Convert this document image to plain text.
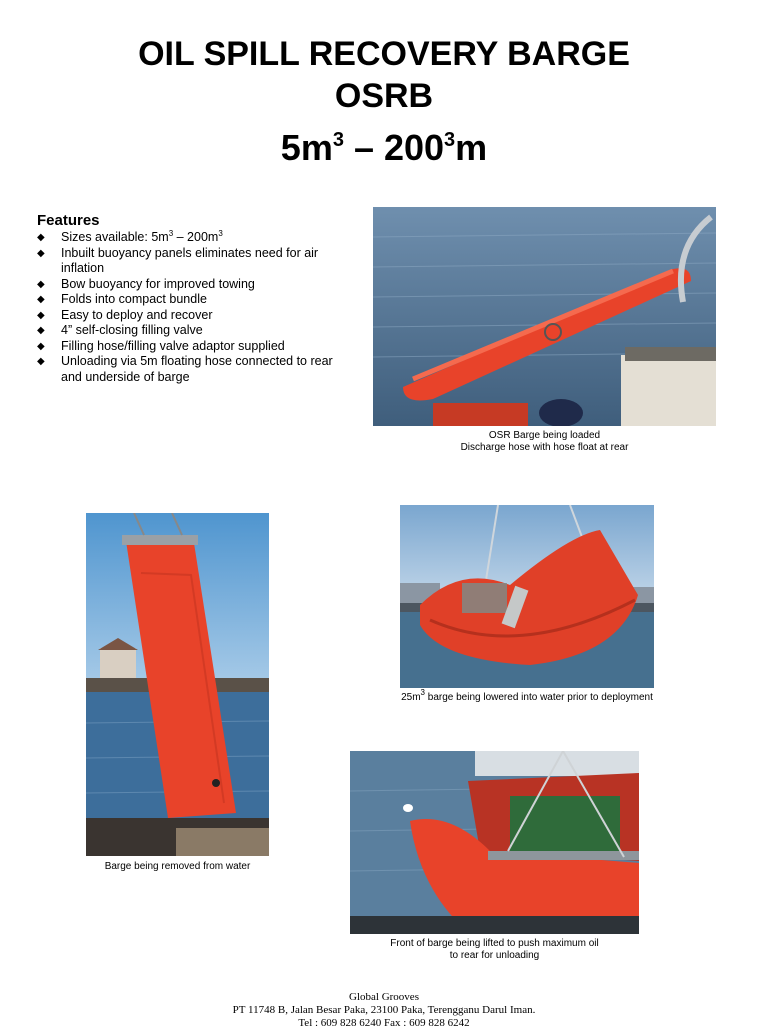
OIL SPILL RECOVERY BARGE
OSRB
$5m^3 - 200^3m$
Features
◆ Sizes available: $5m^3 - 200m^3$
◆ Inbuilt buoyancy panels eliminates need for air inflation
◆ Bow buoyancy for improved towing
◆ Folds into compact bundle
◆ Easy to deploy and recover
◆ 4” self-closing filling valve
◆ Filling hose/filling valve adaptor supplied
◆ Unloading via 5m floating hose connected to rear and underside of barge
OSR Barge being loaded
Discharge hose with hose float at rear
Barge being removed from water
$25m^3$ barge being lowered into water prior to deployment
Front of barge being lifted to push maximum oil
to rear for unloading
Global Grooves
PT 11748 B, Jalan Besar Paka, 23100 Paka, Terengganu Darul Iman.
Tel : 609 828 6240 Fax : 609 828 6242
